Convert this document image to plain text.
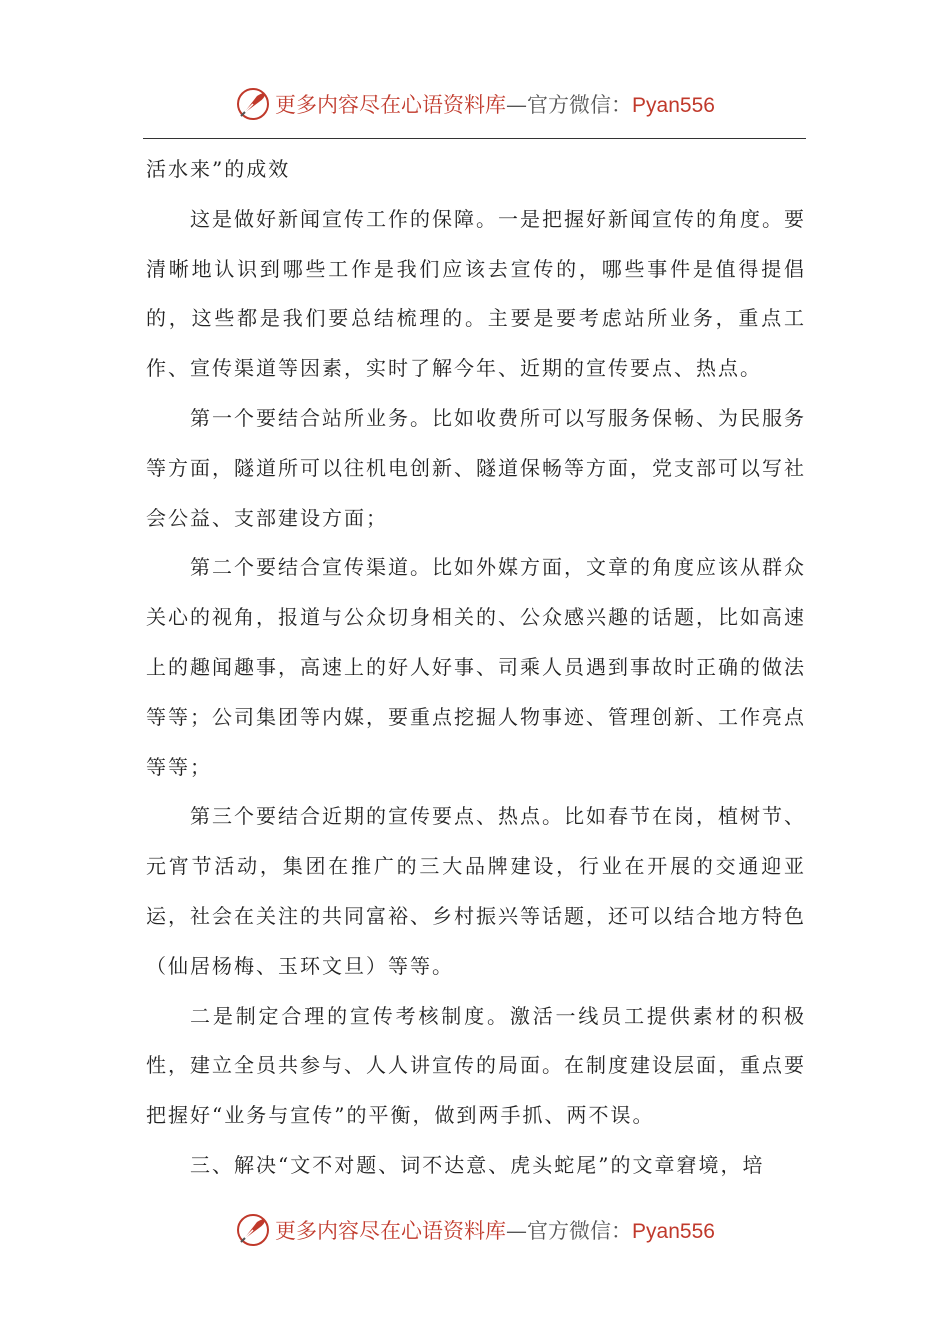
更多内容尽在心语资料库—官方微信：Pyan556

活水来”的成效

这是做好新闻宣传工作的保障。一是把握好新闻宣传的角度。要清晰地认识到哪些工作是我们应该去宣传的，哪些事件是值得提倡的，这些都是我们要总结梳理的。主要是要考虑站所业务，重点工作、宣传渠道等因素，实时了解今年、近期的宣传要点、热点。

第一个要结合站所业务。比如收费所可以写服务保畅、为民服务等方面，隧道所可以往机电创新、隧道保畅等方面，党支部可以写社会公益、支部建设方面；

第二个要结合宣传渠道。比如外媒方面，文章的角度应该从群众关心的视角，报道与公众切身相关的、公众感兴趣的话题，比如高速上的趣闻趣事，高速上的好人好事、司乘人员遇到事故时正确的做法等等；公司集团等内媒，要重点挖掘人物事迹、管理创新、工作亮点等等；

第三个要结合近期的宣传要点、热点。比如春节在岗，植树节、元宵节活动，集团在推广的三大品牌建设，行业在开展的交通迎亚运，社会在关注的共同富裕、乡村振兴等话题，还可以结合地方特色（仙居杨梅、玉环文旦）等等。

二是制定合理的宣传考核制度。激活一线员工提供素材的积极性，建立全员共参与、人人讲宣传的局面。在制度建设层面，重点要把握好“业务与宣传”的平衡，做到两手抓、两不误。

三、解决“文不对题、词不达意、虎头蛇尾”的文章窘境，培

更多内容尽在心语资料库—官方微信：Pyan556
